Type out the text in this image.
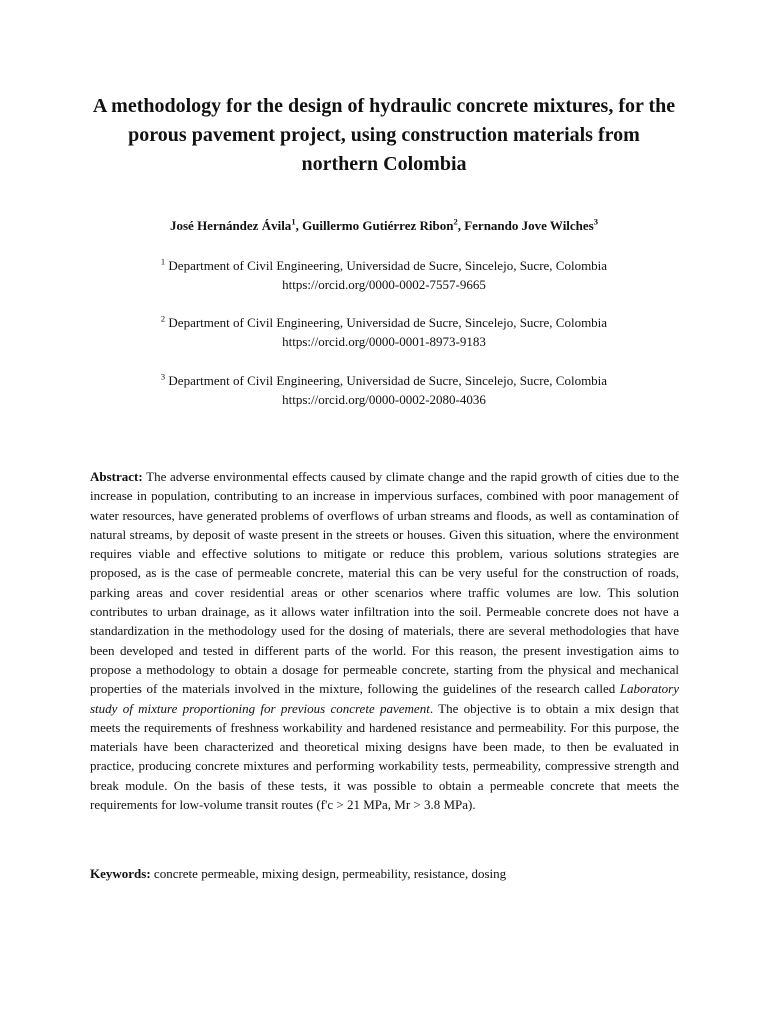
A methodology for the design of hydraulic concrete mixtures, for the porous pavement project, using construction materials from northern Colombia
José Hernández Ávila$^1$, Guillermo Gutiérrez Ribon$^2$, Fernando Jove Wilches$^3$
$^1$ Department of Civil Engineering, Universidad de Sucre, Sincelejo, Sucre, Colombia
https://orcid.org/0000-0002-7557-9665
$^2$ Department of Civil Engineering, Universidad de Sucre, Sincelejo, Sucre, Colombia
https://orcid.org/0000-0001-8973-9183
$^3$ Department of Civil Engineering, Universidad de Sucre, Sincelejo, Sucre, Colombia
https://orcid.org/0000-0002-2080-4036

Abstract: The adverse environmental effects caused by climate change and the rapid growth of cities due to the increase in population, contributing to an increase in impervious surfaces, combined with poor management of water resources, have generated problems of overflows of urban streams and floods, as well as contamination of natural streams, by deposit of waste present in the streets or houses. Given this situation, where the environment requires viable and effective solutions to mitigate or reduce this problem, various solutions strategies are proposed, as is the case of permeable concrete, material this can be very useful for the construction of roads, parking areas and cover residential areas or other scenarios where traffic volumes are low. This solution contributes to urban drainage, as it allows water infiltration into the soil. Permeable concrete does not have a standardization in the methodology used for the dosing of materials, there are several methodologies that have been developed and tested in different parts of the world. For this reason, the present investigation aims to propose a methodology to obtain a dosage for permeable concrete, starting from the physical and mechanical properties of the materials involved in the mixture, following the guidelines of the research called Laboratory study of mixture proportioning for previous concrete pavement. The objective is to obtain a mix design that meets the requirements of freshness workability and hardened resistance and permeability. For this purpose, the materials have been characterized and theoretical mixing designs have been made, to then be evaluated in practice, producing concrete mixtures and performing workability tests, permeability, compressive strength and break module. On the basis of these tests, it was possible to obtain a permeable concrete that meets the requirements for low-volume transit routes (f'c > 21 MPa, Mr > 3.8 MPa).

Keywords: concrete permeable, mixing design, permeability, resistance, dosing
